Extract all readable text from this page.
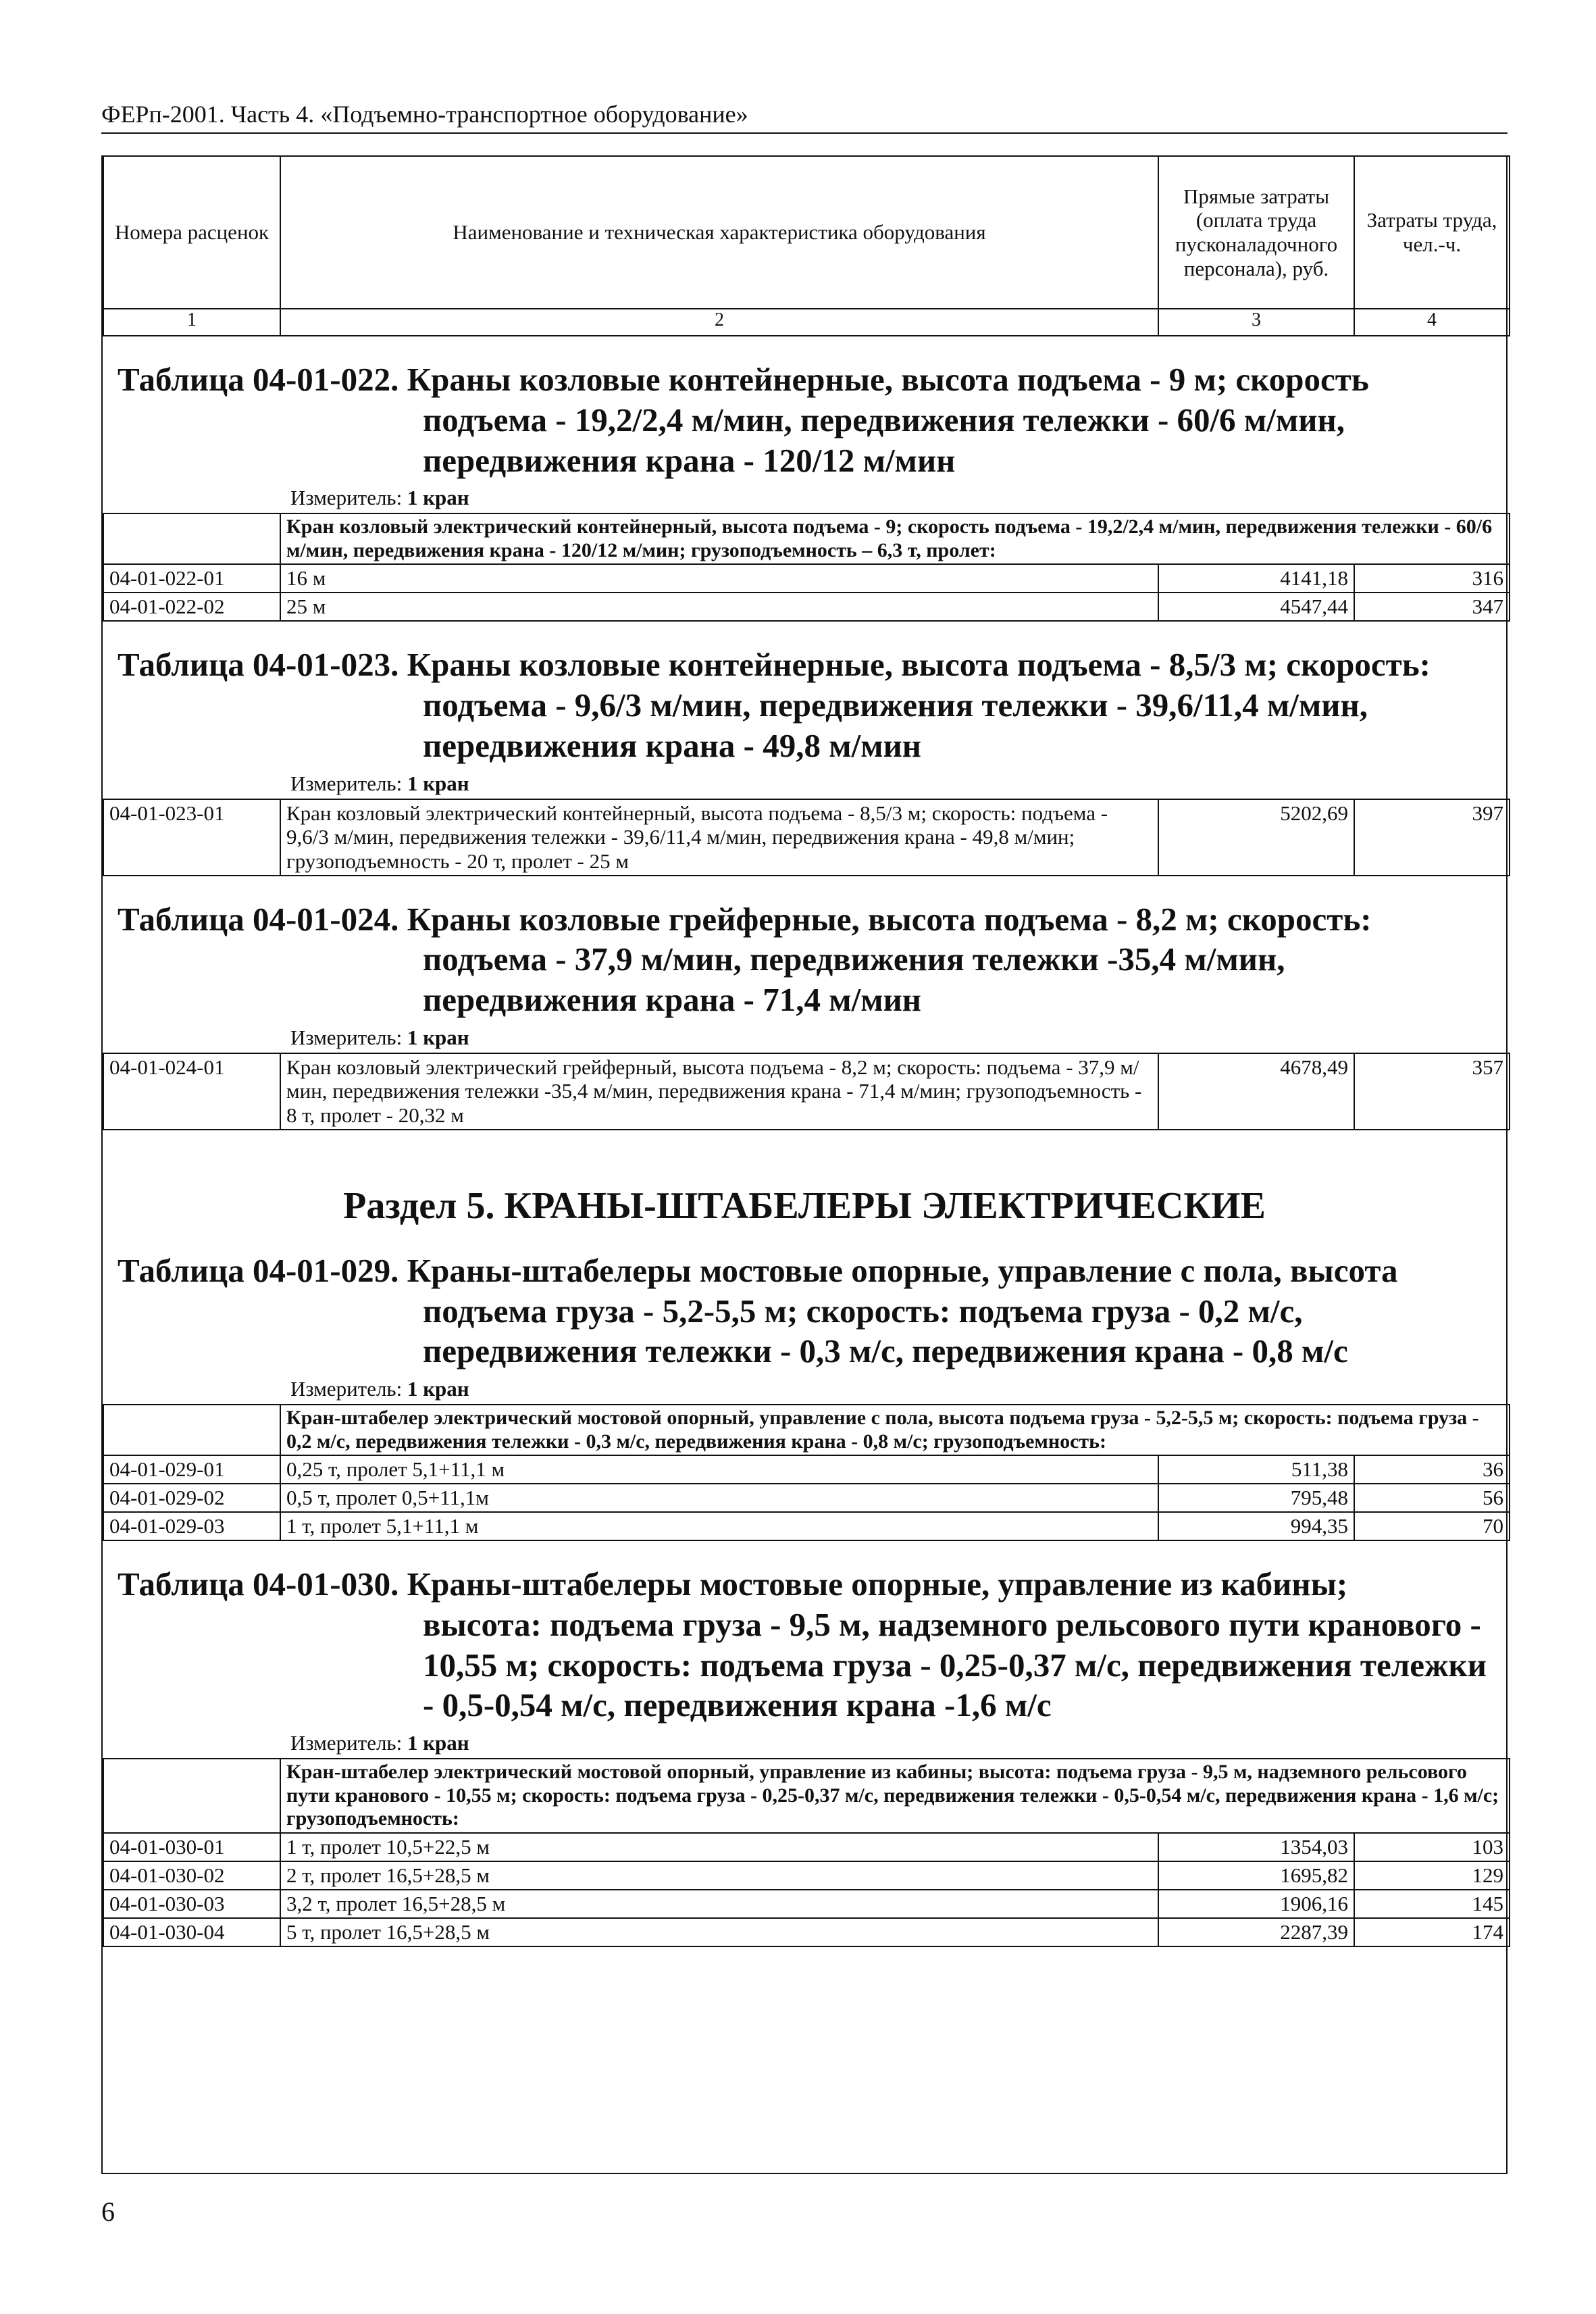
ФЕРп-2001. Часть 4. «Подъемно-транспортное оборудование»
Номера расценок	Наименование и техническая характеристика оборудования	Прямые затраты (оплата труда пусконаладочного персонала), руб.	Затраты труда, чел.-ч.
1	2	3	4
Таблица 04-01-022. Краны козловые контейнерные, высота подъема - 9 м; скорость
подъема - 19,2/2,4 м/мин, передвижения тележки - 60/6 м/мин,
передвижения крана - 120/12 м/мин
Измеритель: 1 кран
	Кран козловый электрический контейнерный, высота подъема - 9; скорость подъема - 19,2/2,4 м/мин, передвижения тележки - 60/6 м/мин, передвижения крана - 120/12 м/мин; грузоподъемность – 6,3 т, пролет:		
04-01-022-01	16 м	4141,18	316
04-01-022-02	25 м	4547,44	347
Таблица 04-01-023. Краны козловые контейнерные, высота подъема - 8,5/3 м; скорость:
подъема - 9,6/3 м/мин, передвижения тележки - 39,6/11,4 м/мин,
передвижения крана - 49,8 м/мин
Измеритель: 1 кран
04-01-023-01	Кран козловый электрический контейнерный, высота подъема - 8,5/3 м; скорость: подъема - 9,6/3 м/мин, передвижения тележки - 39,6/11,4 м/мин, передвижения крана - 49,8 м/мин; грузоподъемность - 20 т, пролет - 25 м	5202,69	397
Таблица 04-01-024. Краны козловые грейферные, высота подъема - 8,2 м; скорость:
подъема - 37,9 м/мин, передвижения тележки -35,4 м/мин,
передвижения крана - 71,4 м/мин
Измеритель: 1 кран
04-01-024-01	Кран козловый электрический грейферный, высота подъема - 8,2 м; скорость: подъема - 37,9 м/мин, передвижения тележки -35,4 м/мин, передвижения крана - 71,4 м/мин; грузоподъемность - 8 т, пролет - 20,32 м	4678,49	357
Раздел 5. КРАНЫ-ШТАБЕЛЕРЫ ЭЛЕКТРИЧЕСКИЕ
Таблица 04-01-029. Краны-штабелеры мостовые опорные, управление с пола, высота
подъема груза - 5,2-5,5 м; скорость: подъема груза - 0,2 м/с,
передвижения тележки - 0,3 м/с, передвижения крана - 0,8 м/с
Измеритель: 1 кран
	Кран-штабелер электрический мостовой опорный, управление с пола, высота подъема груза - 5,2-5,5 м; скорость: подъема груза - 0,2 м/с, передвижения тележки - 0,3 м/с, передвижения крана - 0,8 м/с; грузоподъемность:		
04-01-029-01	0,25 т, пролет 5,1+11,1 м	511,38	36
04-01-029-02	0,5 т, пролет 0,5+11,1м	795,48	56
04-01-029-03	1 т, пролет 5,1+11,1 м	994,35	70
Таблица 04-01-030. Краны-штабелеры мостовые опорные, управление из кабины;
высота: подъема груза - 9,5 м, надземного рельсового пути кранового -
10,55 м; скорость: подъема груза - 0,25-0,37 м/с, передвижения тележки
- 0,5-0,54 м/с, передвижения крана -1,6 м/с
Измеритель: 1 кран
	Кран-штабелер электрический мостовой опорный, управление из кабины; высота: подъема груза - 9,5 м, надземного рельсового пути кранового - 10,55 м; скорость: подъема груза - 0,25-0,37 м/с, передвижения тележки - 0,5-0,54 м/с, передвижения крана - 1,6 м/с; грузоподъемность:		
04-01-030-01	1 т, пролет 10,5+22,5 м	1354,03	103
04-01-030-02	2 т, пролет 16,5+28,5 м	1695,82	129
04-01-030-03	3,2 т, пролет 16,5+28,5 м	1906,16	145
04-01-030-04	5 т, пролет 16,5+28,5 м	2287,39	174
6
